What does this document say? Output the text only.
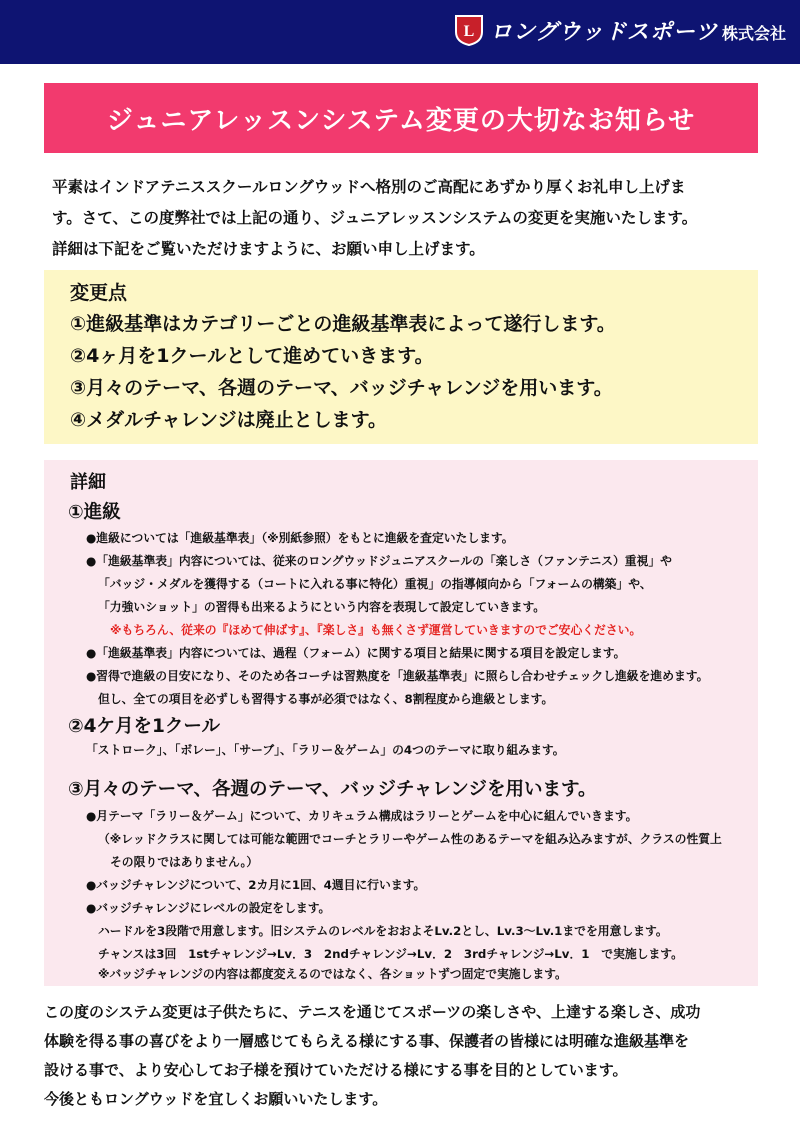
L ロングウッドスポーツ 株式会社
ジュニアレッスンシステム変更の大切なお知らせ

平素はインドアテニススクールロングウッドへ格別のご高配にあずかり厚くお礼申し上げま

す。さて、この度弊社では上記の通り、ジュニアレッスンシステムの変更を実施いたします。

詳細は下記をご覧いただけますように、お願い申し上げます。

変更点
①進級基準はカテゴリーごとの進級基準表によって遂行します。
②4ヶ月を1クールとして進めていきます。
③月々のテーマ、各週のテーマ、バッジチャレンジを用います。
④メダルチャレンジは廃止とします。
詳細
①進級
●進級については「進級基準表」（※別紙参照）をもとに進級を査定いたします。
●「進級基準表」内容については、従来のロングウッドジュニアスクールの「楽しさ（ファンテニス）重視」や
「バッジ・メダルを獲得する（コートに入れる事に特化）重視」の指導傾向から「フォームの構築」や、
「力強いショット」の習得も出来るようにという内容を表現して設定していきます。
※もちろん、従来の『ほめて伸ばす』、『楽しさ』も無くさず運営していきますのでご安心ください。
●「進級基準表」内容については、過程（フォーム）に関する項目と結果に関する項目を設定します。
●習得で進級の目安になり、そのため各コーチは習熟度を「進級基準表」に照らし合わせチェックし進級を進めます。
但し、全ての項目を必ずしも習得する事が必須ではなく、8割程度から進級とします。
②4ケ月を1クール
「ストローク」、「ボレー」、「サーブ」、「ラリー＆ゲーム」の4つのテーマに取り組みます。
③月々のテーマ、各週のテーマ、バッジチャレンジを用います。
●月テーマ「ラリー＆ゲーム」について、カリキュラム構成はラリーとゲームを中心に組んでいきます。
（※レッドクラスに関しては可能な範囲でコーチとラリーやゲーム性のあるテーマを組み込みますが、クラスの性質上
その限りではありません。）
●バッジチャレンジについて、2カ月に1回、4週目に行います。
●バッジチャレンジにレベルの設定をします。
ハードルを3段階で用意します。旧システムのレベルをおおよそLv.2とし、Lv.3～Lv.1までを用意します。
チャンスは3回　1stチャレンジ→Lv．3　2ndチャレンジ→Lv．2　3rdチャレンジ→Lv．1　で実施します。
※バッジチャレンジの内容は都度変えるのではなく、各ショットずつ固定で実施します。

この度のシステム変更は子供たちに、テニスを通じてスポーツの楽しさや、上達する楽しさ、成功

体験を得る事の喜びをより一層感じてもらえる様にする事、保護者の皆様には明確な進級基準を

設ける事で、より安心してお子様を預けていただける様にする事を目的としています。

今後ともロングウッドを宜しくお願いいたします。
